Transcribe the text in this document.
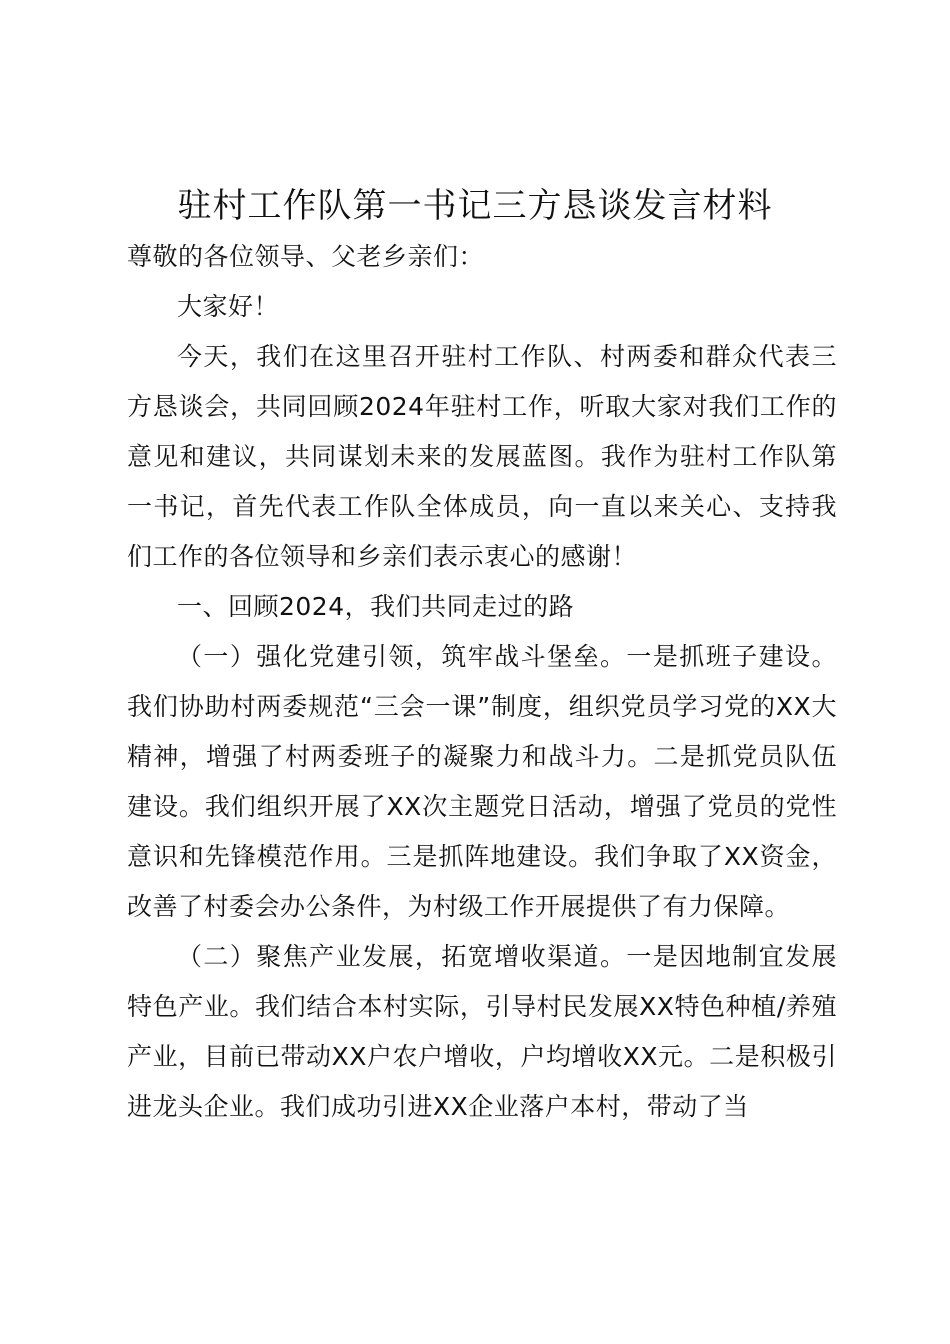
驻村工作队第一书记三方恳谈发言材料

尊敬的各位领导、父老乡亲们：

大家好！

今天，我们在这里召开驻村工作队、村两委和群众代表三方恳谈会，共同回顾2024年驻村工作，听取大家对我们工作的意见和建议，共同谋划未来的发展蓝图。我作为驻村工作队第一书记，首先代表工作队全体成员，向一直以来关心、支持我们工作的各位领导和乡亲们表示衷心的感谢！

一、回顾2024，我们共同走过的路

（一）强化党建引领，筑牢战斗堡垒。一是抓班子建设。我们协助村两委规范“三会一课”制度，组织党员学习党的XX大精神，增强了村两委班子的凝聚力和战斗力。二是抓党员队伍建设。我们组织开展了XX次主题党日活动，增强了党员的党性意识和先锋模范作用。三是抓阵地建设。我们争取了XX资金，改善了村委会办公条件，为村级工作开展提供了有力保障。

（二）聚焦产业发展，拓宽增收渠道。一是因地制宜发展特色产业。我们结合本村实际，引导村民发展XX特色种植/养殖产业，目前已带动XX户农户增收，户均增收XX元。二是积极引进龙头企业。我们成功引进XX企业落户本村，带动了当
